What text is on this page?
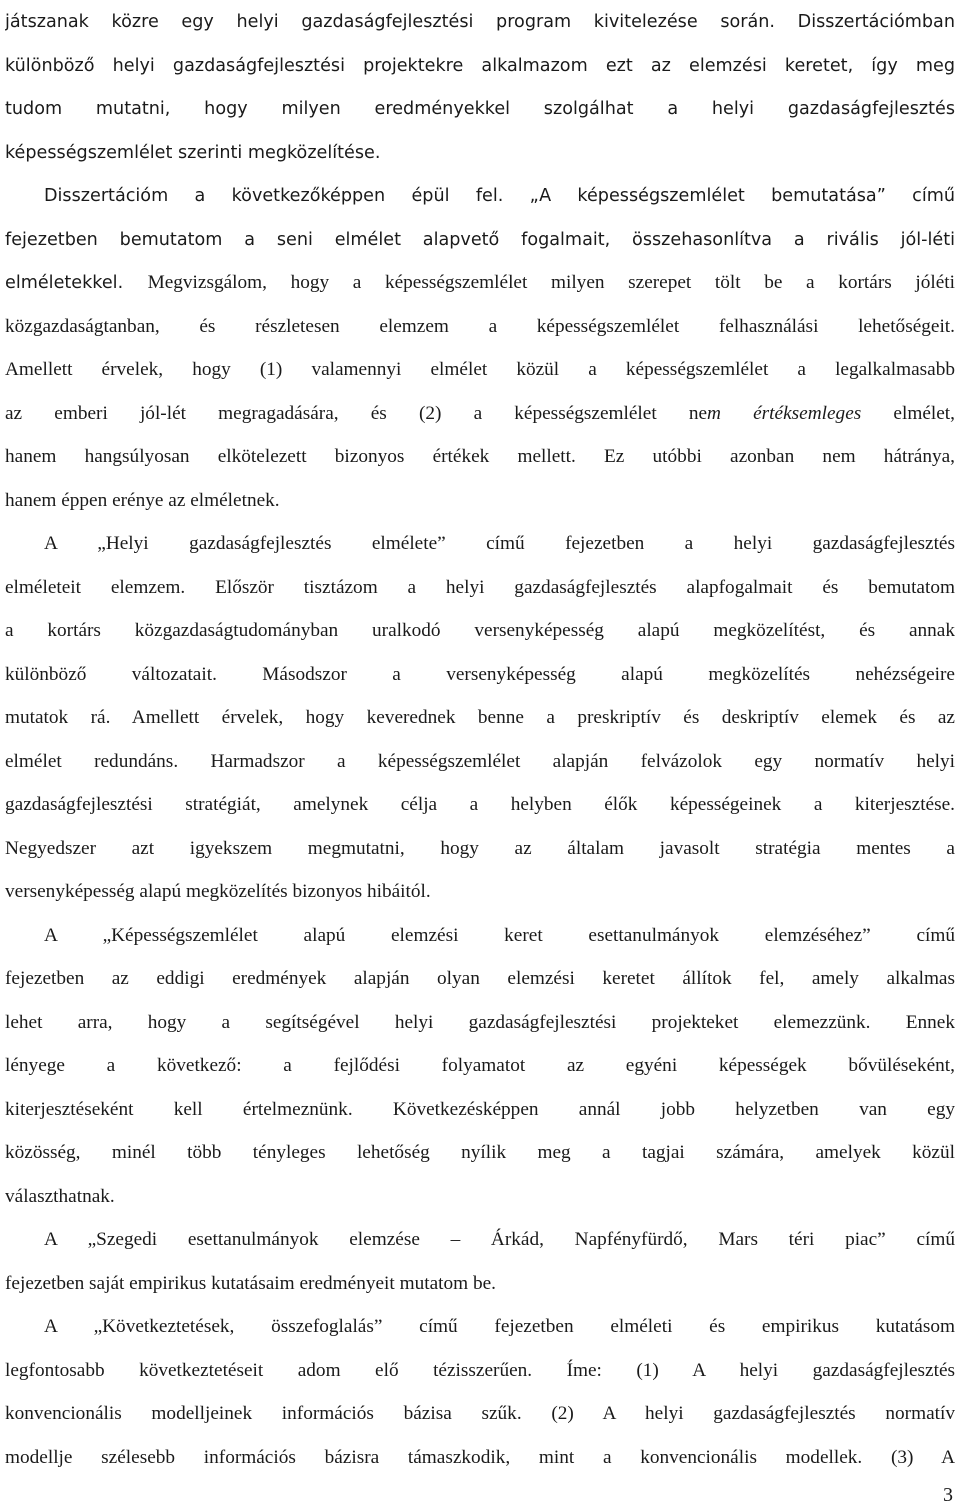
játszanak közre egy helyi gazdaságfejlesztési program kivitelezése során. Disszertációmban
különböző helyi gazdaságfejlesztési projektekre alkalmazom ezt az elemzési keretet, így meg
tudom mutatni, hogy milyen eredményekkel szolgálhat a helyi gazdaságfejlesztés
képességszemlélet szerinti megközelítése.
Disszertációm a következőképpen épül fel. „A képességszemlélet bemutatása” című
fejezetben bemutatom a seni elmélet alapvető fogalmait, összehasonlítva a rivális jól-léti
elméletekkel. Megvizsgálom, hogy a képességszemlélet milyen szerepet tölt be a kortárs jóléti
közgazdaságtanban, és részletesen elemzem a képességszemlélet felhasználási lehetőségeit.
Amellett érvelek, hogy (1) valamennyi elmélet közül a képességszemlélet a legalkalmasabb
az emberi jól-lét megragadására, és (2) a képességszemlélet nem értéksemleges elmélet,
hanem hangsúlyosan elkötelezett bizonyos értékek mellett. Ez utóbbi azonban nem hátránya,
hanem éppen erénye az elméletnek.
A „Helyi gazdaságfejlesztés elmélete” című fejezetben a helyi gazdaságfejlesztés
elméleteit elemzem. Először tisztázom a helyi gazdaságfejlesztés alapfogalmait és bemutatom
a kortárs közgazdaságtudományban uralkodó versenyképesség alapú megközelítést, és annak
különböző változatait. Másodszor a versenyképesség alapú megközelítés nehézségeire
mutatok rá. Amellett érvelek, hogy keverednek benne a preskriptív és deskriptív elemek és az
elmélet redundáns. Harmadszor a képességszemlélet alapján felvázolok egy normatív helyi
gazdaságfejlesztési stratégiát, amelynek célja a helyben élők képességeinek a kiterjesztése.
Negyedszer azt igyekszem megmutatni, hogy az általam javasolt stratégia mentes a
versenyképesség alapú megközelítés bizonyos hibáitól.
A „Képességszemlélet alapú elemzési keret esettanulmányok elemzéséhez” című
fejezetben az eddigi eredmények alapján olyan elemzési keretet állítok fel, amely alkalmas
lehet arra, hogy a segítségével helyi gazdaságfejlesztési projekteket elemezzünk. Ennek
lényege a következő: a fejlődési folyamatot az egyéni képességek bővüléseként,
kiterjesztéseként kell értelmeznünk. Következésképpen annál jobb helyzetben van egy
közösség, minél több tényleges lehetőség nyílik meg a tagjai számára, amelyek közül
választhatnak.
A „Szegedi esettanulmányok elemzése – Árkád, Napfényfürdő, Mars téri piac” című
fejezetben saját empirikus kutatásaim eredményeit mutatom be.
A „Következtetések, összefoglalás” című fejezetben elméleti és empirikus kutatásom
legfontosabb következtetéseit adom elő tézisszerűen. Íme: (1) A helyi gazdaságfejlesztés
konvencionális modelljeinek információs bázisa szűk. (2) A helyi gazdaságfejlesztés normatív
modellje szélesebb információs bázisra támaszkodik, mint a konvencionális modellek. (3) A
3
